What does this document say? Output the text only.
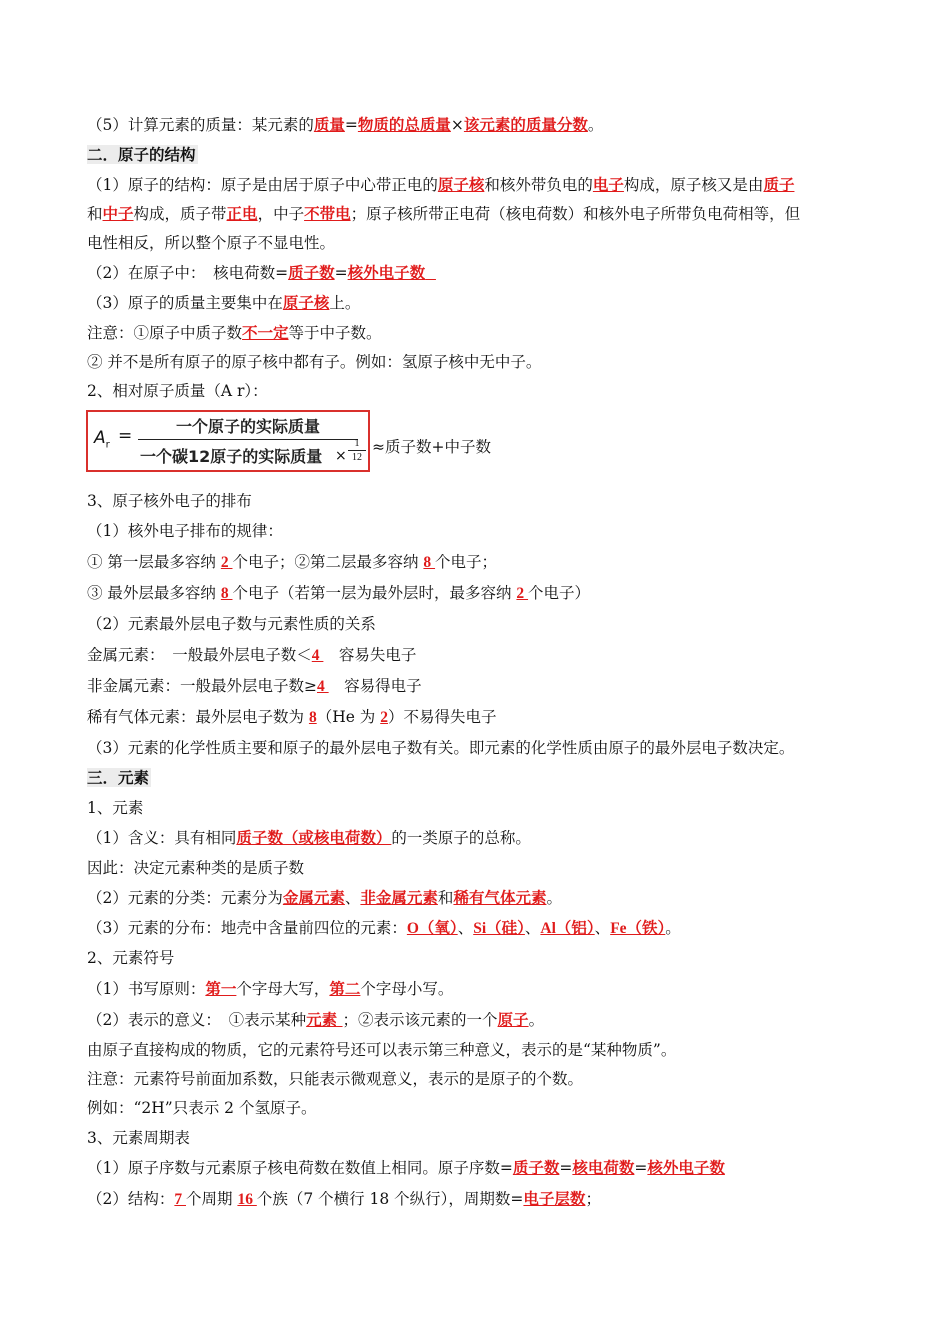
（5）计算元素的质量：某元素的质量=物质的总质量×该元素的质量分数。
二．原子的结构
（1）原子的结构：原子是由居于原子中心带正电的原子核和核外带负电的电子构成，原子核又是由质子
和中子构成，质子带正电，中子不带电；原子核所带正电荷（核电荷数）和核外电子所带负电荷相等，但
电性相反，所以整个原子不显电性。
（2）在原子中：　核电荷数=质子数=核外电子数
（3）原子的质量主要集中在原子核上。
注意：①原子中质子数不一定等于中子数。
② 并不是所有原子的原子核中都有子。例如：氢原子核中无中子。
2、相对原子质量（A r）：
$A_r$ =	一个原子的实际质量
一个碳12原子的实际质量 ×
1
12
≈质子数+中子数
3、原子核外电子的排布
（1）核外电子排布的规律：
① 第一层最多容纳 2 个电子；②第二层最多容纳 8 个电子；
③ 最外层最多容纳 8 个电子（若第一层为最外层时，最多容纳 2 个电子）
（2）元素最外层电子数与元素性质的关系
金属元素：　一般最外层电子数＜4 　容易失电子
非金属元素：一般最外层电子数≥4 　容易得电子
稀有气体元素：最外层电子数为 8（He 为 2）不易得失电子
（3）元素的化学性质主要和原子的最外层电子数有关。即元素的化学性质由原子的最外层电子数决定。
三．元素
1、元素
（1）含义：具有相同质子数（或核电荷数）的一类原子的总称。
因此：决定元素种类的是质子数
（2）元素的分类：元素分为金属元素、非金属元素和稀有气体元素。
（3）元素的分布：地壳中含量前四位的元素：O（氧）、Si（硅）、Al（铝）、Fe（铁）。
2、元素符号
（1）书写原则：第一个字母大写，第二个字母小写。
（2）表示的意义：　①表示某种元素 ；②表示该元素的一个原子。
由原子直接构成的物质，它的元素符号还可以表示第三种意义，表示的是“某种物质”。
注意：元素符号前面加系数，只能表示微观意义，表示的是原子的个数。
例如：“2H”只表示 2 个氢原子。
3、元素周期表
（1）原子序数与元素原子核电荷数在数值上相同。原子序数=质子数=核电荷数=核外电子数
（2）结构：7 个周期 16 个族（7 个横行 18 个纵行），周期数=电子层数；
